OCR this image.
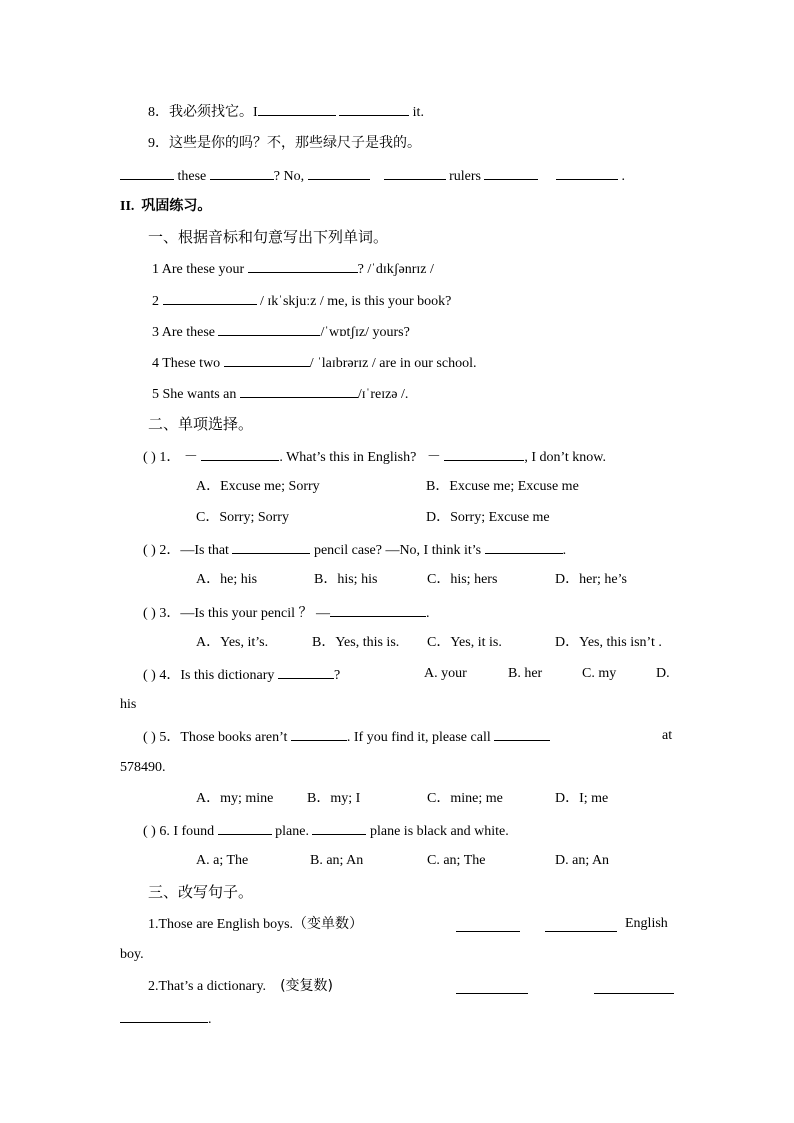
8．我必须找它。I	it.
9．这些是你的吗？不，那些绿尺子是我的。
these	? No,	rulers	.
II. 巩固练习。
一、根据音标和句意写出下列单词。
1 Are these your	? /ˈdɪkʃənrɪz /
2	/ ɪkˈskjuːz / me, is this your book?
3 Are these	/ˈwɒtʃɪz/ yours?
4 These two	/ ˈlaɪbrərɪz / are in our school.
5 She wants an	/ɪˈreɪzə /.
二、单项选择。
( ) 1． －	. What’s this in English? －	, I don’t know.
A．Excuse me; Sorry	B．Excuse me; Excuse me
C．Sorry; Sorry	D．Sorry; Excuse me
( ) 2．—Is that	pencil case? —No, I think it’s	.
A．he; his	B．his; his	C．his; hers	D．her; he’s
( ) 3．—Is this your pencil ？ —	.
A．Yes, it’s.	B．Yes, this is. C．Yes, it is.	D．Yes, this isn’t .
( ) 4．Is this dictionary	?	A. your	B. her	C. my	D.
his
( ) 5．Those books aren’t	. If you find it, please call	at
578490.
A．my; mine B．my; I	C．mine; me	D．I; me
( ) 6. I found	plane.	plane is black and white.
A. a; The	B. an; An	C. an; The	D. an; An
三、改写句子。
1.Those are English boys.（变单数）	English
boy.
2.That’s a dictionary. (变复数)
.
